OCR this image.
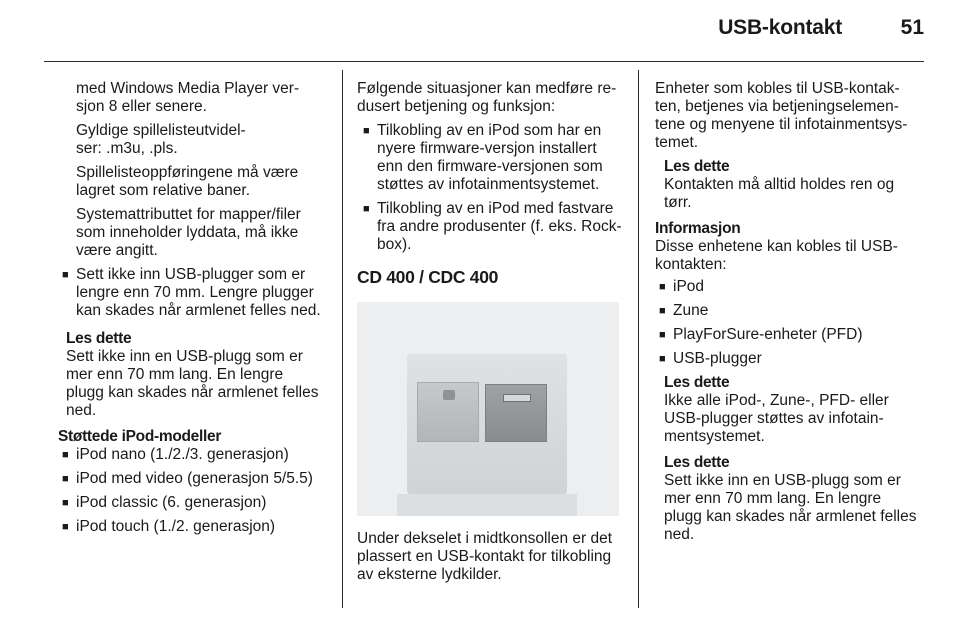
USB-kontakt	51

med Windows Media Player ver-
sjon 8 eller senere.

Gyldige spillelisteutvidel-
ser: .m3u, .pls.

Spillelisteoppføringene må være
lagret som relative baner.

Systemattributtet for mapper/filer
som inneholder lyddata, må ikke
være angitt.

■ Sett ikke inn USB-plugger som er
lengre enn 70 mm. Lengre plugger
kan skades når armlenet felles ned.
Les dette
Sett ikke inn en USB-plugg som er
mer enn 70 mm lang. En lengre
plugg kan skades når armlenet felles
ned.
Støttede iPod-modeller
■ iPod nano (1./2./3. generasjon)
■ iPod med video (generasjon 5/5.5)
■ iPod classic (6. generasjon)
■ iPod touch (1./2. generasjon)

Følgende situasjoner kan medføre re-
dusert betjening og funksjon:

■ Tilkobling av en iPod som har en
nyere firmware-versjon installert
enn den firmware-versjonen som
støttes av infotainmentsystemet.
■ Tilkobling av en iPod med fastvare
fra andre produsenter (f. eks. Rock-
box).
CD 400 / CDC 400

Under dekselet i midtkonsollen er det
plassert en USB-kontakt for tilkobling
av eksterne lydkilder.

Enheter som kobles til USB-kontak-
ten, betjenes via betjeningselemen-
tene og menyene til infotainmentsys-
temet.

Les dette
Kontakten må alltid holdes ren og
tørr.
Informasjon
Disse enhetene kan kobles til USB-
kontakten:
■ iPod
■ Zune
■ PlayForSure-enheter (PFD)
■ USB-plugger
Les dette
Ikke alle iPod-, Zune-, PFD- eller
USB-plugger støttes av infotain-
mentsystemet.
Les dette
Sett ikke inn en USB-plugg som er
mer enn 70 mm lang. En lengre
plugg kan skades når armlenet felles
ned.
